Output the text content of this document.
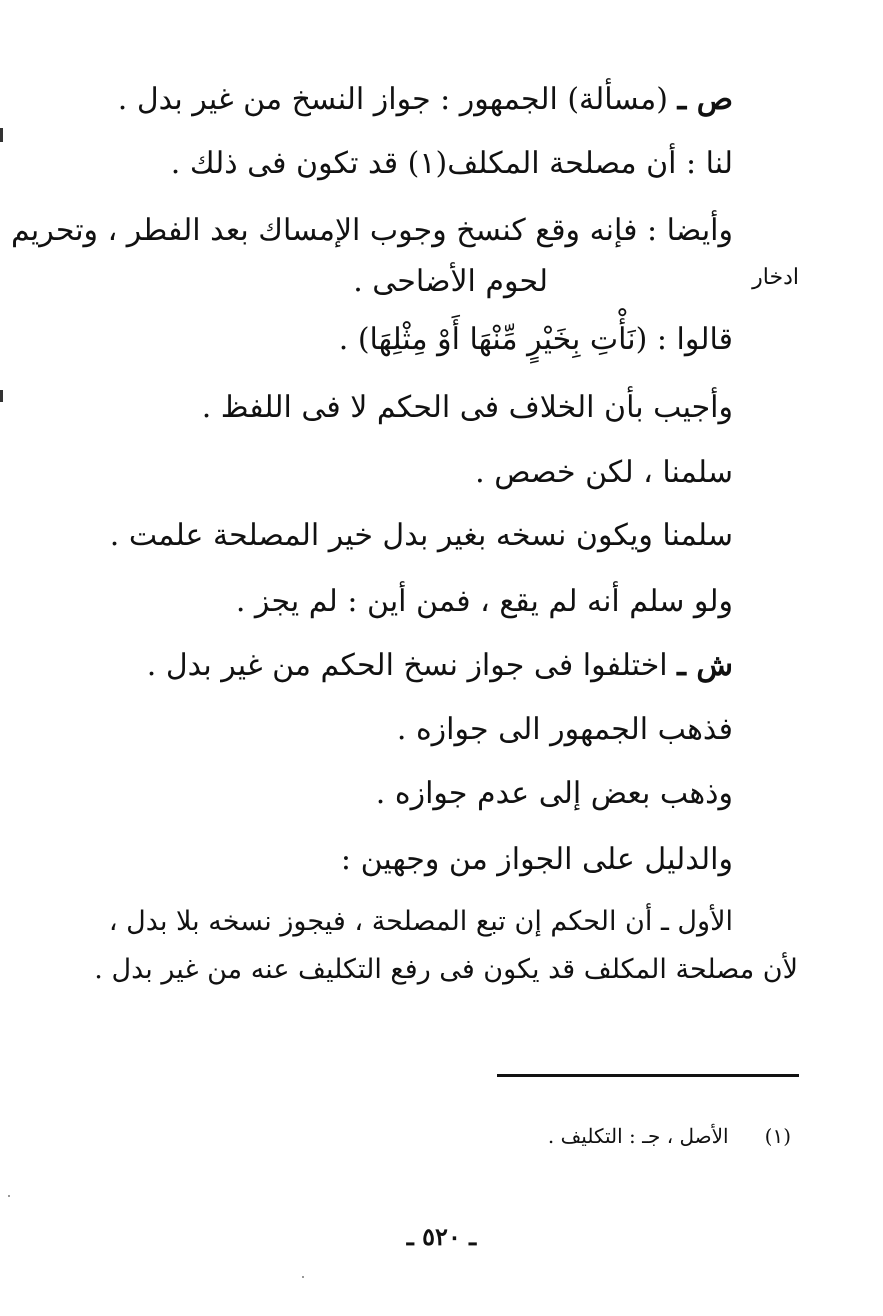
ص ـ (مسألة) الجمهور : جواز النسخ من غير بدل .
لنا : أن مصلحة المكلف(١) قد تكون فى ذلك .
وأيضا : فإنه وقع كنسخ وجوب الإمساك بعد الفطر ، وتحريم
لحوم الأضاحى .	ادخار
قالوا : (نَأْتِ بِخَيْرٍ مِّنْهَا أَوْ مِثْلِهَا) .
وأجيب بأن الخلاف فى الحكم لا فى اللفظ .
سلمنا ، لكن خصص .
سلمنا ويكون نسخه بغير بدل خير المصلحة علمت .
ولو سلم أنه لم يقع ، فمن أين : لم يجز .
ش ـ اختلفوا فى جواز نسخ الحكم من غير بدل .
فذهب الجمهور الى جوازه .
وذهب بعض إلى عدم جوازه .
والدليل على الجواز من وجهين :
الأول ـ أن الحكم إن تبع المصلحة ، فيجوز نسخه بلا بدل ،
لأن مصلحة المكلف قد يكون فى رفع التكليف عنه من غير بدل .
(١)الأصل ، جـ : التكليف .
ـ ٥٢٠ ـ
